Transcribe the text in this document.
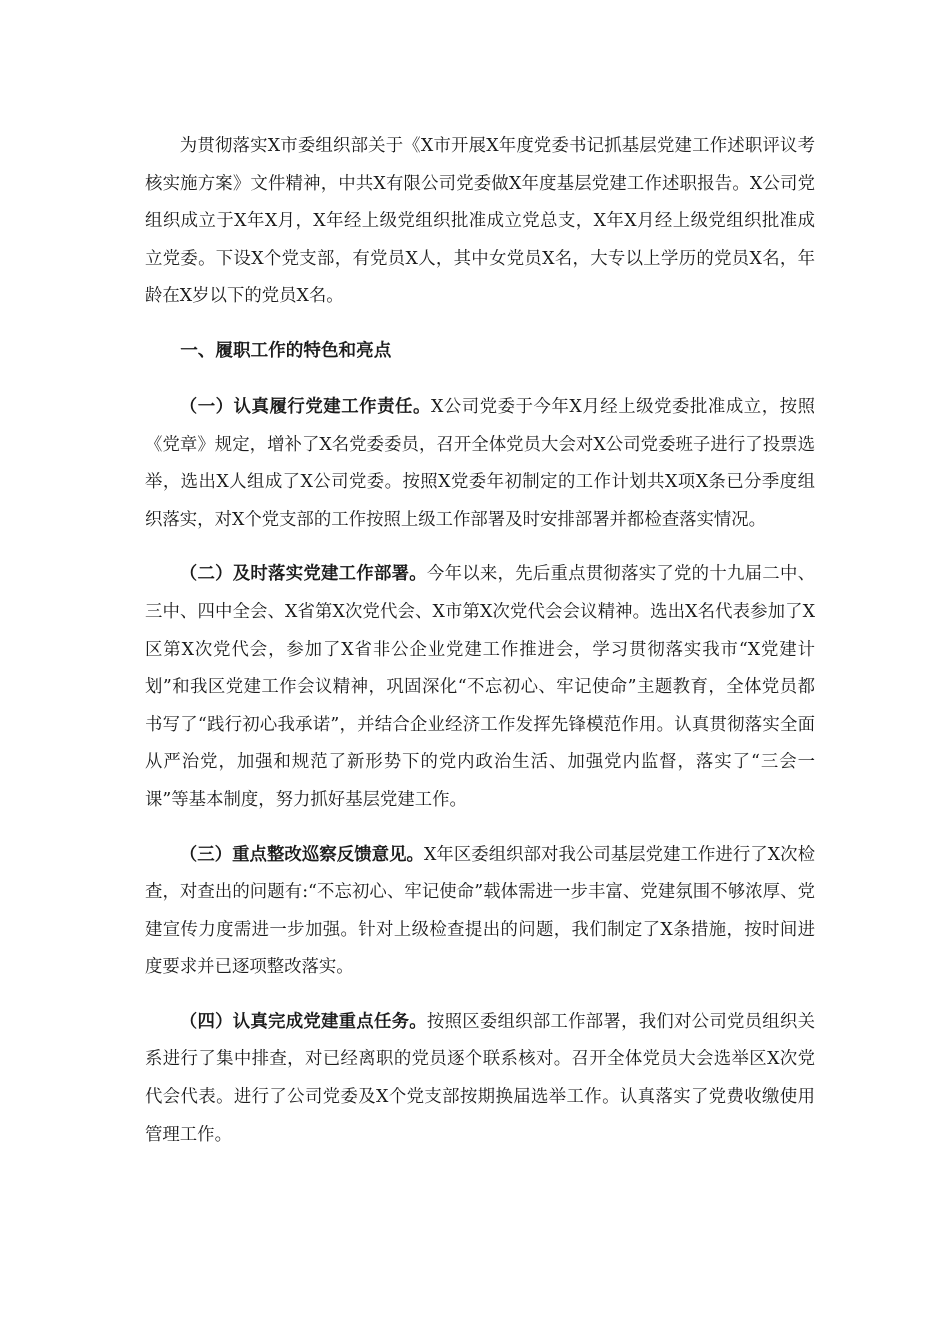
为贯彻落实X市委组织部关于《X市开展X年度党委书记抓基层党建工作述职评议考核实施方案》文件精神，中共X有限公司党委做X年度基层党建工作述职报告。X公司党组织成立于X年X月，X年经上级党组织批准成立党总支，X年X月经上级党组织批准成立党委。下设X个党支部，有党员X人，其中女党员X名，大专以上学历的党员X名，年龄在X岁以下的党员X名。

一、履职工作的特色和亮点

（一）认真履行党建工作责任。X公司党委于今年X月经上级党委批准成立，按照《党章》规定，增补了X名党委委员，召开全体党员大会对X公司党委班子进行了投票选举，选出X人组成了X公司党委。按照X党委年初制定的工作计划共X项X条已分季度组织落实，对X个党支部的工作按照上级工作部署及时安排部署并都检查落实情况。

（二）及时落实党建工作部署。今年以来，先后重点贯彻落实了党的十九届二中、三中、四中全会、X省第X次党代会、X市第X次党代会会议精神。选出X名代表参加了X区第X次党代会，参加了X省非公企业党建工作推进会，学习贯彻落实我市“X党建计划”和我区党建工作会议精神，巩固深化“不忘初心、牢记使命”主题教育，全体党员都书写了“践行初心我承诺”，并结合企业经济工作发挥先锋模范作用。认真贯彻落实全面从严治党，加强和规范了新形势下的党内政治生活、加强党内监督，落实了“三会一课”等基本制度，努力抓好基层党建工作。

（三）重点整改巡察反馈意见。X年区委组织部对我公司基层党建工作进行了X次检查，对查出的问题有:“不忘初心、牢记使命”载体需进一步丰富、党建氛围不够浓厚、党建宣传力度需进一步加强。针对上级检查提出的问题，我们制定了X条措施，按时间进度要求并已逐项整改落实。

（四）认真完成党建重点任务。按照区委组织部工作部署，我们对公司党员组织关系进行了集中排查，对已经离职的党员逐个联系核对。召开全体党员大会选举区X次党代会代表。进行了公司党委及X个党支部按期换届选举工作。认真落实了党费收缴使用管理工作。
